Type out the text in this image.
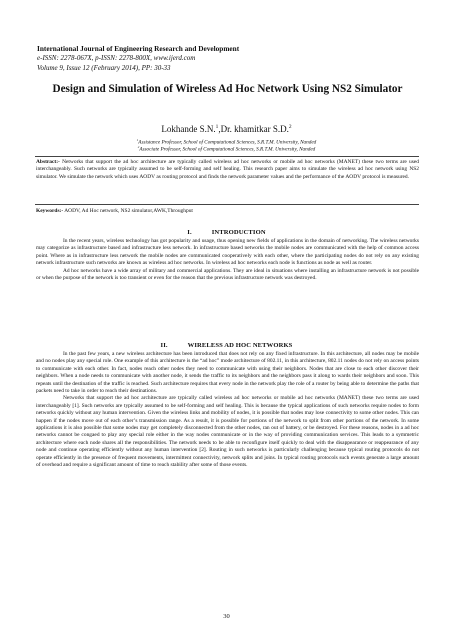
International Journal of Engineering Research and Development
e-ISSN: 2278-067X, p-ISSN: 2278-800X, www.ijerd.com
Volume 9, Issue 12 (February 2014), PP: 30-33
Design and Simulation of Wireless Ad Hoc Network Using NS2 Simulator
Lokhande S.N.$^1$,Dr. khamitkar S.D.$^2$
$^1$Assistance Professor, School of Computational Sciences, S.R.T.M. University, Nanded
$^2$Associate Professor, School of Computational Sciences, S.R.T.M. University, Nanded

Abstract:- Networks that support the ad hoc architecture are typically called wireless ad hoc networks or mobile ad hoc networks (MANET) these two terms are used interchangeably. Such networks are typically assumed to be self-forming and self healing. This research paper aims to simulate the wireless ad hoc network using NS2 simulator. We simulate the network which uses AODV as routing protocol and finds the network parameter values and the performance of the AODV protocol is measured.

Keywords:- AODV, Ad Hoc network, NS2 simulator,AWK,Throughput

I.	INTRODUCTION

In the recent years, wireless technology has got popularity and usage, thus opening new fields of applications in the domain of networking. The wireless networks may categorize as infrastructure based and infrastructure less network. In infrastructure based networks the mobile nodes are communicated with the help of common access point. Where as in infrastructure less network the mobile nodes are communicated cooperatively with each other, where the participating nodes do not rely on any existing network infrastructure such networks are known as wireless ad hoc networks. In wireless ad hoc networks each node is functions as node as well as router.

Ad hoc networks have a wide array of military and commercial applications. They are ideal in situations where installing an infrastructure network is not possible or when the purpose of the network is too transient or even for the reason that the previous infrastructure network was destroyed.

II.	WIRELESS AD HOC NETWORKS

In the past few years, a new wireless architecture has been introduced that does not rely on any fixed infrastructure. In this architecture, all nodes may be mobile and no nodes play any special role. One example of this architecture is the “ad hoc” mode architecture of 802.11, in this architecture, 802.11 nodes do not rely on access points to communicate with each other. In fact, nodes reach other nodes they need to communicate with using their neighbors. Nodes that are close to each other discover their neighbors. When a node needs to communicate with another node, it sends the traffic to its neighbors and the neighbors pass it along to wards their neighbors and soon. This repeats until the destination of the traffic is reached. Such architecture requires that every node in the network play the role of a router by being able to determine the paths that packets need to take in order to reach their destinations.

Networks that support the ad hoc architecture are typically called wireless ad hoc networks or mobile ad hoc networks (MANET) these two terms are used interchangeably [1]. Such networks are typically assumed to be self-forming and self healing. This is because the typical applications of such networks require nodes to form networks quickly without any human intervention. Given the wireless links and mobility of nodes, it is possible that nodes may lose connectivity to some other nodes. This can happen if the nodes move out of each other’s transmission range. As a result, it is possible for portions of the network to split from other portions of the network. In some applications it is also possible that some nodes may get completely disconnected from the other nodes, ran out of battery, or be destroyed. For these reasons, nodes in a ad hoc networks cannot be congaed to play any special role either in the way nodes communicate or in the way of providing communication services. This leads to a symmetric architecture where each node shares all the responsibilities. The network needs to be able to reconfigure itself quickly to deal with the disappearance or reappearance of any node and continue operating efficiently without any human intervention [2]. Routing in such networks is particularly challenging because typical routing protocols do not operate efficiently in the presence of frequent movements, intermittent connectivity, network splits and joins. In typical routing protocols such events generate a large amount of overhead and require a significant amount of time to reach stability after some of those events.

30
